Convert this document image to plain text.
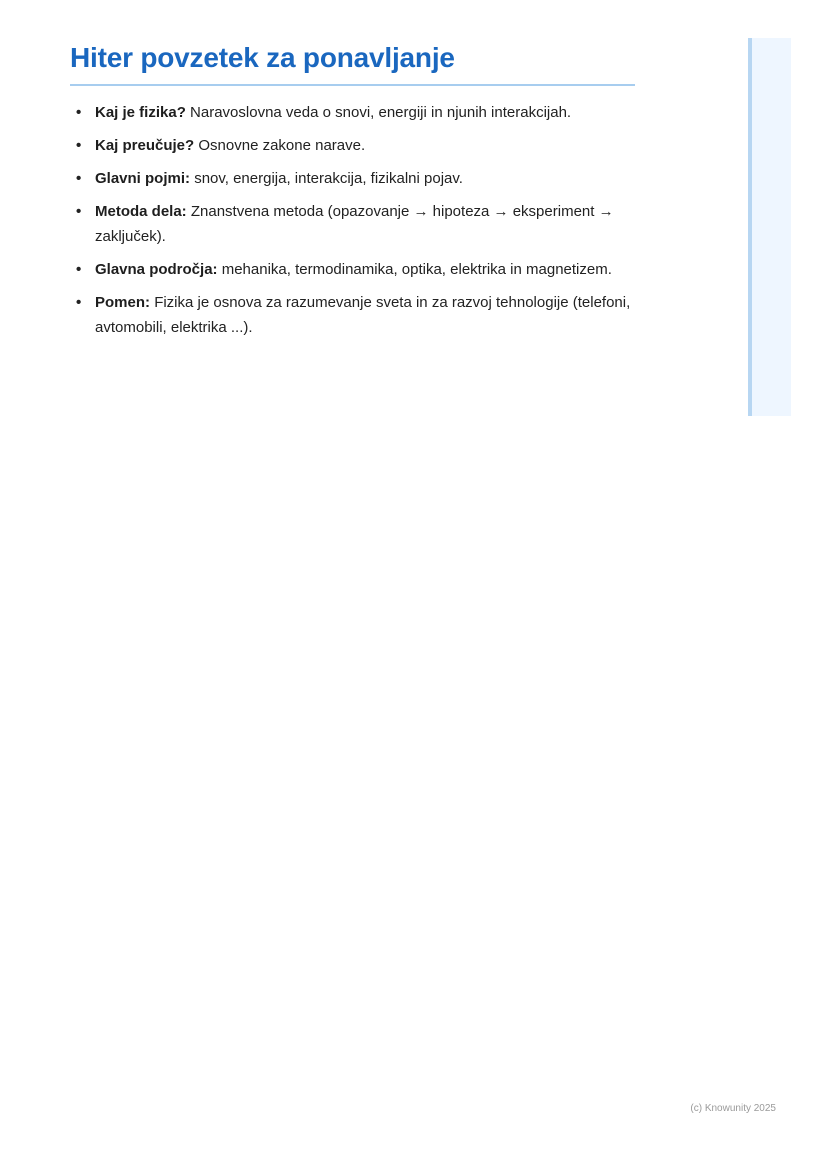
Hiter povzetek za ponavljanje
• Kaj je fizika? Naravoslovna veda o snovi, energiji in njunih interakcijah.
• Kaj preučuje? Osnovne zakone narave.
• Glavni pojmi: snov, energija, interakcija, fizikalni pojav.
• Metoda dela: Znanstvena metoda (opazovanje → hipoteza → eksperiment → zaključek).
• Glavna področja: mehanika, termodinamika, optika, elektrika in magnetizem.
• Pomen: Fizika je osnova za razumevanje sveta in za razvoj tehnologije (telefoni, avtomobili, elektrika ...).
(c) Knowunity 2025
